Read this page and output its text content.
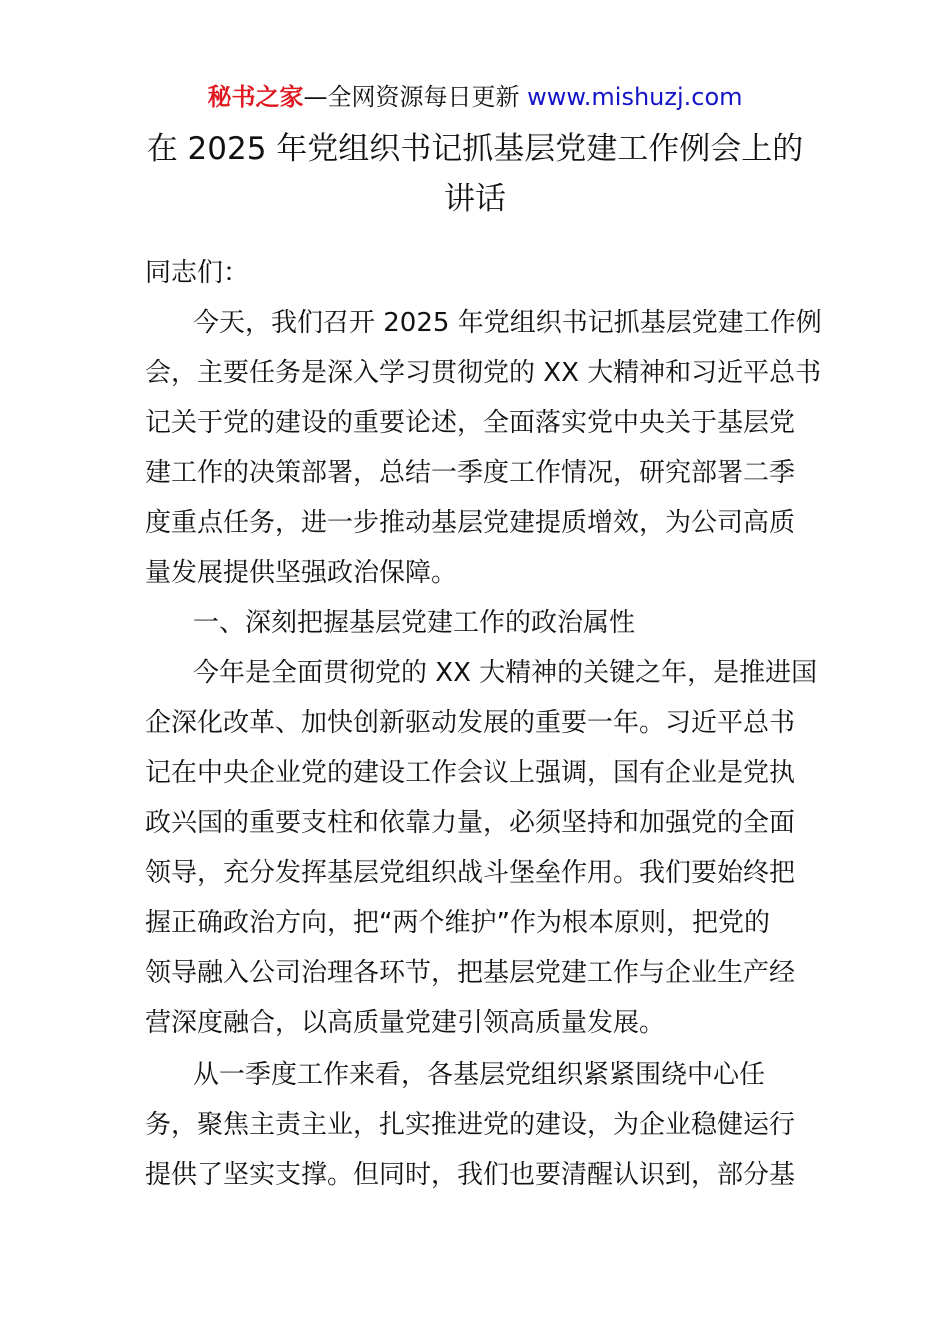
秘书之家—全网资源每日更新 www.mishuzj.com
在 2025 年党组织书记抓基层党建工作例会上的
讲话
同志们：
今天，我们召开 2025 年党组织书记抓基层党建工作例
会，主要任务是深入学习贯彻党的 XX 大精神和习近平总书
记关于党的建设的重要论述，全面落实党中央关于基层党
建工作的决策部署，总结一季度工作情况，研究部署二季
度重点任务，进一步推动基层党建提质增效，为公司高质
量发展提供坚强政治保障。
一、深刻把握基层党建工作的政治属性
今年是全面贯彻党的 XX 大精神的关键之年，是推进国
企深化改革、加快创新驱动发展的重要一年。习近平总书
记在中央企业党的建设工作会议上强调，国有企业是党执
政兴国的重要支柱和依靠力量，必须坚持和加强党的全面
领导，充分发挥基层党组织战斗堡垒作用。我们要始终把
握正确政治方向，把“两个维护”作为根本原则，把党的
领导融入公司治理各环节，把基层党建工作与企业生产经
营深度融合，以高质量党建引领高质量发展。
从一季度工作来看，各基层党组织紧紧围绕中心任
务，聚焦主责主业，扎实推进党的建设，为企业稳健运行
提供了坚实支撑。但同时，我们也要清醒认识到，部分基
